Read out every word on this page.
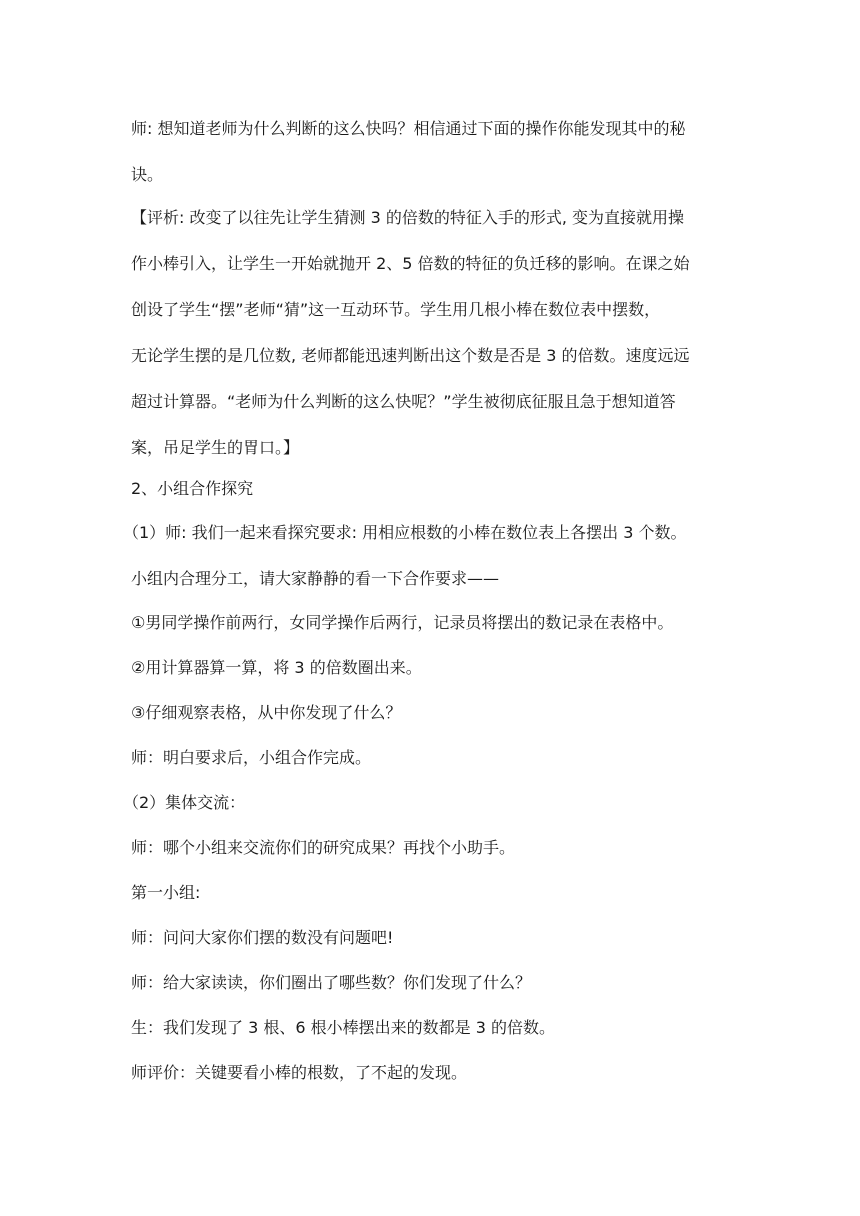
师: 想知道老师为什么判断的这么快吗？相信通过下面的操作你能发现其中的秘
诀。
【评析: 改变了以往先让学生猜测 3 的倍数的特征入手的形式, 变为直接就用操
作小棒引入，让学生一开始就抛开 2、5 倍数的特征的负迁移的影响。在课之始
创设了学生“摆”老师“猜”这一互动环节。学生用几根小棒在数位表中摆数，
无论学生摆的是几位数, 老师都能迅速判断出这个数是否是 3 的倍数。速度远远
超过计算器。“老师为什么判断的这么快呢？”学生被彻底征服且急于想知道答
案，吊足学生的胃口。】
2、小组合作探究
（1）师: 我们一起来看探究要求: 用相应根数的小棒在数位表上各摆出 3 个数。
小组内合理分工，请大家静静的看一下合作要求——
①男同学操作前两行，女同学操作后两行，记录员将摆出的数记录在表格中。
②用计算器算一算，将 3 的倍数圈出来。
③仔细观察表格，从中你发现了什么？
师：明白要求后，小组合作完成。
（2）集体交流：
师：哪个小组来交流你们的研究成果？再找个小助手。
第一小组:
师：问问大家你们摆的数没有问题吧!
师：给大家读读，你们圈出了哪些数？你们发现了什么？
生：我们发现了 3 根、6 根小棒摆出来的数都是 3 的倍数。
师评价：关键要看小棒的根数，了不起的发现。
